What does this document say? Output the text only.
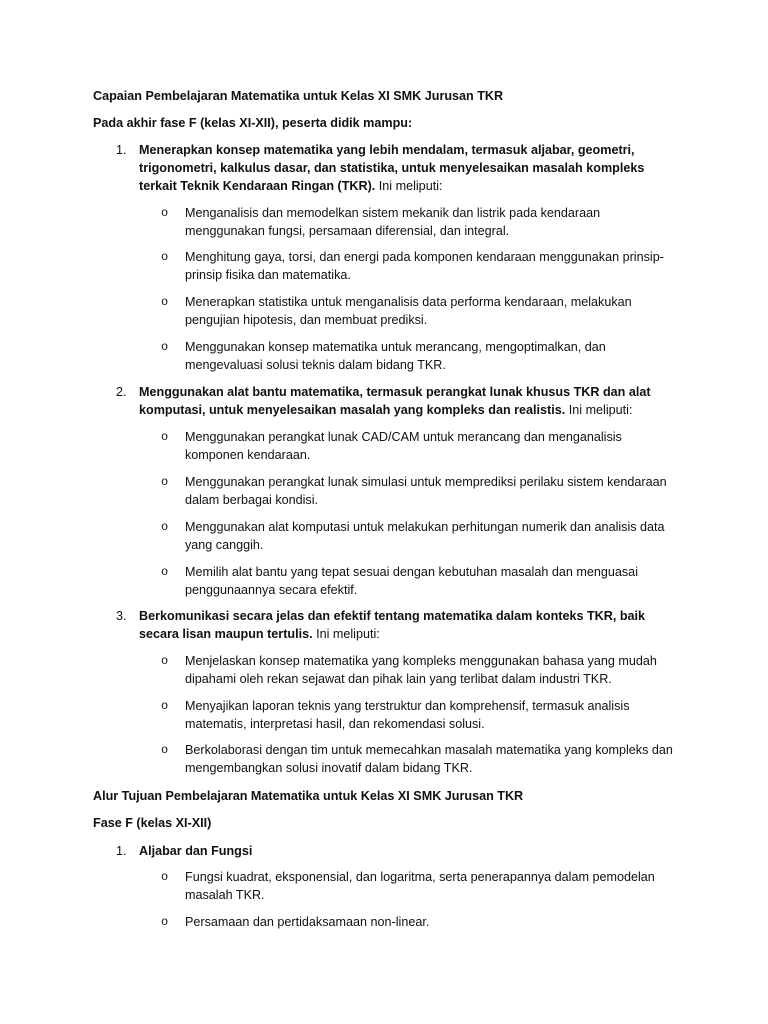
Capaian Pembelajaran Matematika untuk Kelas XI SMK Jurusan TKR
Pada akhir fase F (kelas XI-XII), peserta didik mampu:
1. Menerapkan konsep matematika yang lebih mendalam, termasuk aljabar, geometri, trigonometri, kalkulus dasar, dan statistika, untuk menyelesaikan masalah kompleks terkait Teknik Kendaraan Ringan (TKR). Ini meliputi:
o	Menganalisis dan memodelkan sistem mekanik dan listrik pada kendaraan menggunakan fungsi, persamaan diferensial, dan integral.
o	Menghitung gaya, torsi, dan energi pada komponen kendaraan menggunakan prinsip-prinsip fisika dan matematika.
o	Menerapkan statistika untuk menganalisis data performa kendaraan, melakukan pengujian hipotesis, dan membuat prediksi.
o	Menggunakan konsep matematika untuk merancang, mengoptimalkan, dan mengevaluasi solusi teknis dalam bidang TKR.
2. Menggunakan alat bantu matematika, termasuk perangkat lunak khusus TKR dan alat komputasi, untuk menyelesaikan masalah yang kompleks dan realistis. Ini meliputi:
o	Menggunakan perangkat lunak CAD/CAM untuk merancang dan menganalisis komponen kendaraan.
o	Menggunakan perangkat lunak simulasi untuk memprediksi perilaku sistem kendaraan dalam berbagai kondisi.
o	Menggunakan alat komputasi untuk melakukan perhitungan numerik dan analisis data yang canggih.
o	Memilih alat bantu yang tepat sesuai dengan kebutuhan masalah dan menguasai penggunaannya secara efektif.
3. Berkomunikasi secara jelas dan efektif tentang matematika dalam konteks TKR, baik secara lisan maupun tertulis. Ini meliputi:
o	Menjelaskan konsep matematika yang kompleks menggunakan bahasa yang mudah dipahami oleh rekan sejawat dan pihak lain yang terlibat dalam industri TKR.
o	Menyajikan laporan teknis yang terstruktur dan komprehensif, termasuk analisis matematis, interpretasi hasil, dan rekomendasi solusi.
o	Berkolaborasi dengan tim untuk memecahkan masalah matematika yang kompleks dan mengembangkan solusi inovatif dalam bidang TKR.
Alur Tujuan Pembelajaran Matematika untuk Kelas XI SMK Jurusan TKR
Fase F (kelas XI-XII)
1. Aljabar dan Fungsi
o	Fungsi kuadrat, eksponensial, dan logaritma, serta penerapannya dalam pemodelan masalah TKR.
o	Persamaan dan pertidaksamaan non-linear.
